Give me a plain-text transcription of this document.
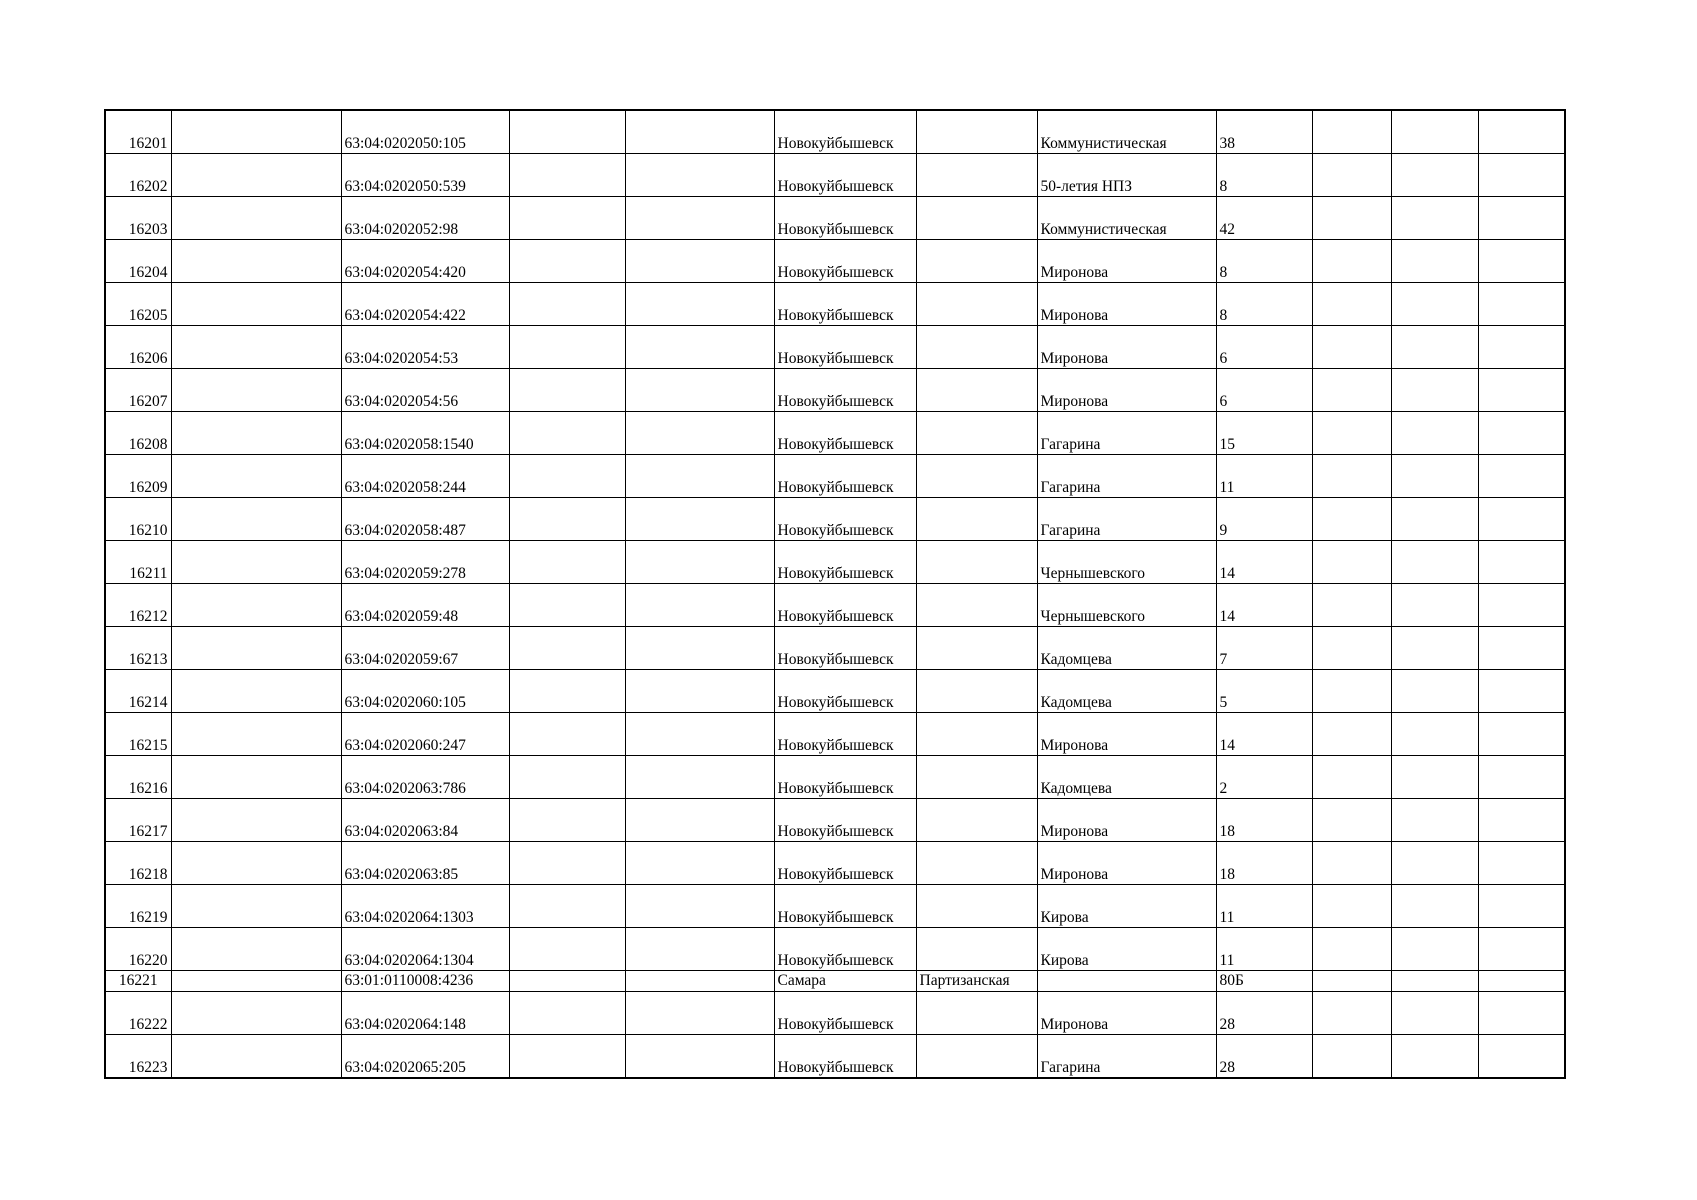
16201		63:04:0202050:105			Новокуйбышевск		Коммунистическая	38			
16202		63:04:0202050:539			Новокуйбышевск		50-летия НПЗ	8			
16203		63:04:0202052:98			Новокуйбышевск		Коммунистическая	42			
16204		63:04:0202054:420			Новокуйбышевск		Миронова	8			
16205		63:04:0202054:422			Новокуйбышевск		Миронова	8			
16206		63:04:0202054:53			Новокуйбышевск		Миронова	6			
16207		63:04:0202054:56			Новокуйбышевск		Миронова	6			
16208		63:04:0202058:1540			Новокуйбышевск		Гагарина	15			
16209		63:04:0202058:244			Новокуйбышевск		Гагарина	11			
16210		63:04:0202058:487			Новокуйбышевск		Гагарина	9			
16211		63:04:0202059:278			Новокуйбышевск		Чернышевского	14			
16212		63:04:0202059:48			Новокуйбышевск		Чернышевского	14			
16213		63:04:0202059:67			Новокуйбышевск		Кадомцева	7			
16214		63:04:0202060:105			Новокуйбышевск		Кадомцева	5			
16215		63:04:0202060:247			Новокуйбышевск		Миронова	14			
16216		63:04:0202063:786			Новокуйбышевск		Кадомцева	2			
16217		63:04:0202063:84			Новокуйбышевск		Миронова	18			
16218		63:04:0202063:85			Новокуйбышевск		Миронова	18			
16219		63:04:0202064:1303			Новокуйбышевск		Кирова	11			
16220		63:04:0202064:1304			Новокуйбышевск		Кирова	11			
16221		63:01:0110008:4236			Самара	Партизанская		80Б			
16222		63:04:0202064:148			Новокуйбышевск		Миронова	28			
16223		63:04:0202065:205			Новокуйбышевск		Гагарина	28			
